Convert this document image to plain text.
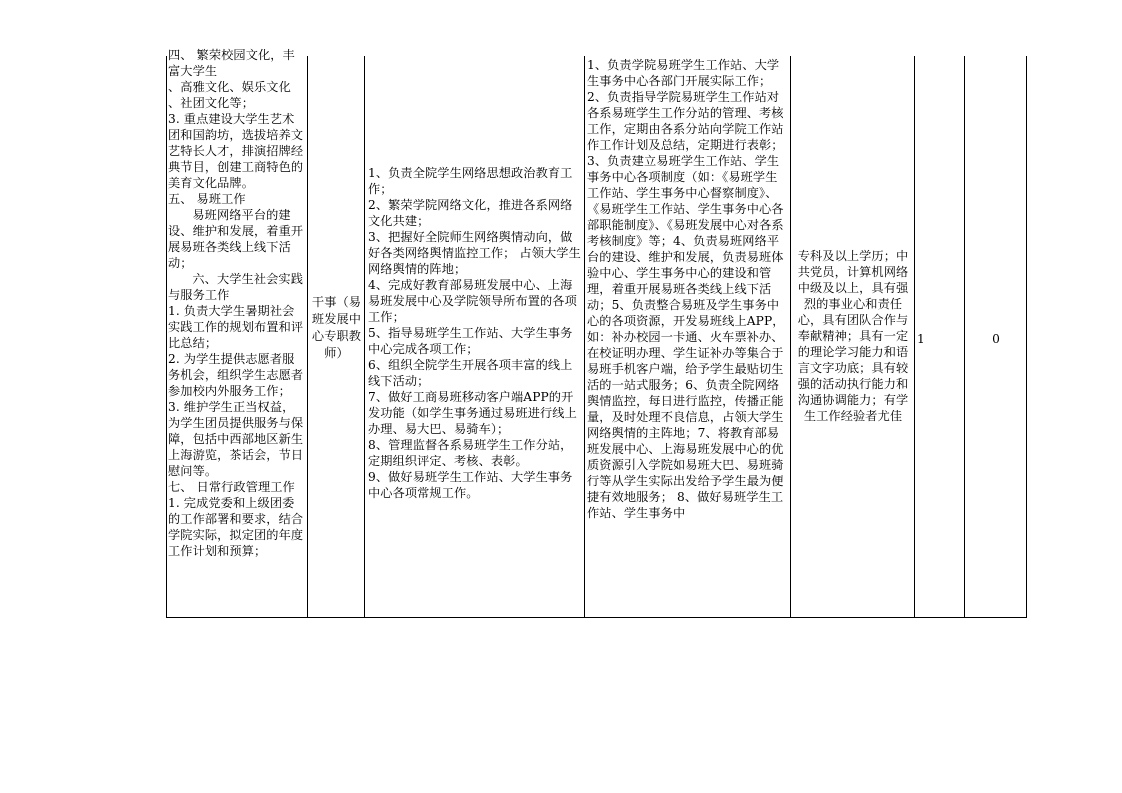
四、 繁荣校园文化，丰富大学生

、高雅文化、娱乐文化

、社团文化等；

3. 重点建设大学生艺术团和国韵坊，选拔培养文艺特长人才，排演招牌经典节目，创建工商特色的美育文化品牌。

五、 易班工作

易班网络平台的建设、维护和发展，着重开展易班各类线上线下活动；

六、大学生社会实践与服务工作

1. 负责大学生暑期社会实践工作的规划布置和评比总结；

2. 为学生提供志愿者服务机会，组织学生志愿者参加校内外服务工作；

3. 维护学生正当权益，为学生团员提供服务与保障，包括中西部地区新生上海游览，茶话会，节日慰问等。

七、 日常行政管理工作

1. 完成党委和上级团委的工作部署和要求，结合学院实际，拟定团的年度工作计划和预算；

干事（易班发展中心专职教师）

1、负责全院学生网络思想政治教育工作；

2、繁荣学院网络文化，推进各系网络文化共建；

3、把握好全院师生网络舆情动向，做好各类网络舆情监控工作； 占领大学生网络舆情的阵地；

4、完成好教育部易班发展中心、上海易班发展中心及学院领导所布置的各项工作；

5、指导易班学生工作站、大学生事务中心完成各项工作；

6、组织全院学生开展各项丰富的线上线下活动；

7、做好工商易班移动客户端APP的开发功能（如学生事务通过易班进行线上办理、易大巴、易骑车）；

8、管理监督各系易班学生工作分站，定期组织评定、考核、表彰。

9、做好易班学生工作站、大学生事务中心各项常规工作。

1、负责学院易班学生工作站、大学生事务中心各部门开展实际工作； 2、负责指导学院易班学生工作站对各系易班学生工作分站的管理、考核工作，定期由各系分站向学院工作站作工作计划及总结，定期进行表彰； 3、负责建立易班学生工作站、学生事务中心各项制度（如：《易班学生工作站、学生事务中心督察制度》、《易班学生工作站、学生事务中心各部职能制度》、《易班发展中心对各系考核制度》等；4、负责易班网络平台的建设、维护和发展，负责易班体验中心、学生事务中心的建设和管理，着重开展易班各类线上线下活动；5、负责整合易班及学生事务中心的各项资源，开发易班线上APP，如：补办校园一卡通、火车票补办、在校证明办理、学生证补办等集合于易班手机客户端，给予学生最贴切生活的一站式服务；6、负责全院网络舆情监控，每日进行监控，传播正能量，及时处理不良信息，占领大学生网络舆情的主阵地；7、将教育部易班发展中心、上海易班发展中心的优质资源引入学院如易班大巴、易班骑行等从学生实际出发给予学生最为便捷有效地服务； 8、做好易班学生工作站、学生事务中

专科及以上学历；中共党员，计算机网络中级及以上，具有强烈的事业心和责任心，具有团队合作与奉献精神；具有一定的理论学习能力和语言文字功底；具有较强的活动执行能力和沟通协调能力；有学生工作经验者尤佳

1	0
